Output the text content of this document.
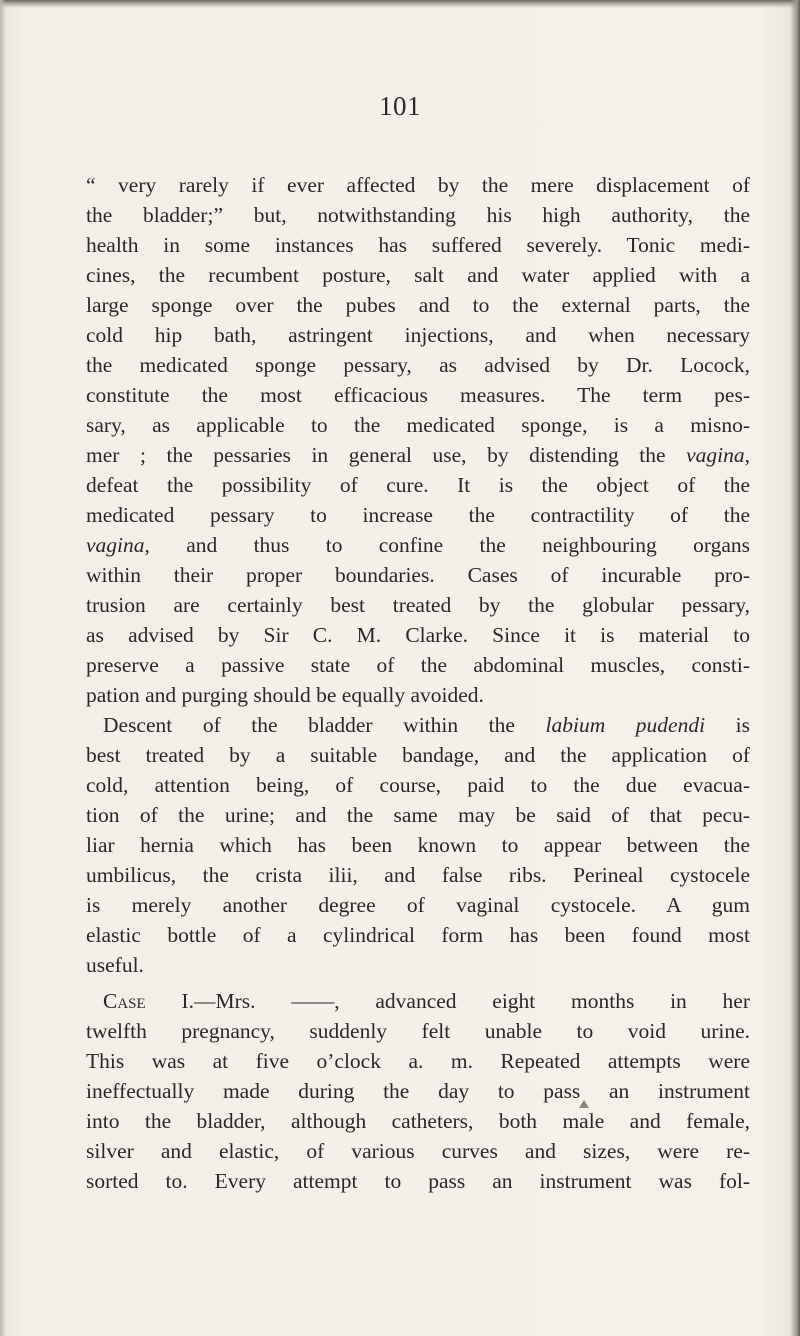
101
“ very rarely if ever affected by the mere displacement of
the bladder;” but, notwithstanding his high authority, the
health in some instances has suffered severely. Tonic medi-
cines, the recumbent posture, salt and water applied with a
large sponge over the pubes and to the external parts, the
cold hip bath, astringent injections, and when necessary
the medicated sponge pessary, as advised by Dr. Locock,
constitute the most efficacious measures. The term pes-
sary, as applicable to the medicated sponge, is a misno-
mer ; the pessaries in general use, by distending the vagina,
defeat the possibility of cure. It is the object of the
medicated pessary to increase the contractility of the
vagina, and thus to confine the neighbouring organs
within their proper boundaries. Cases of incurable pro-
trusion are certainly best treated by the globular pessary,
as advised by Sir C. M. Clarke. Since it is material to
preserve a passive state of the abdominal muscles, consti-
pation and purging should be equally avoided.
Descent of the bladder within the labium pudendi is
best treated by a suitable bandage, and the application of
cold, attention being, of course, paid to the due evacua-
tion of the urine; and the same may be said of that pecu-
liar hernia which has been known to appear between the
umbilicus, the crista ilii, and false ribs. Perineal cystocele
is merely another degree of vaginal cystocele. A gum
elastic bottle of a cylindrical form has been found most
useful.
Case I.—Mrs. ——, advanced eight months in her
twelfth pregnancy, suddenly felt unable to void urine.
This was at five o’clock a. m. Repeated attempts were
ineffectually made during the day to pass an instrument
into the bladder, although catheters, both male and female,
silver and elastic, of various curves and sizes, were re-
sorted to. Every attempt to pass an instrument was fol-
